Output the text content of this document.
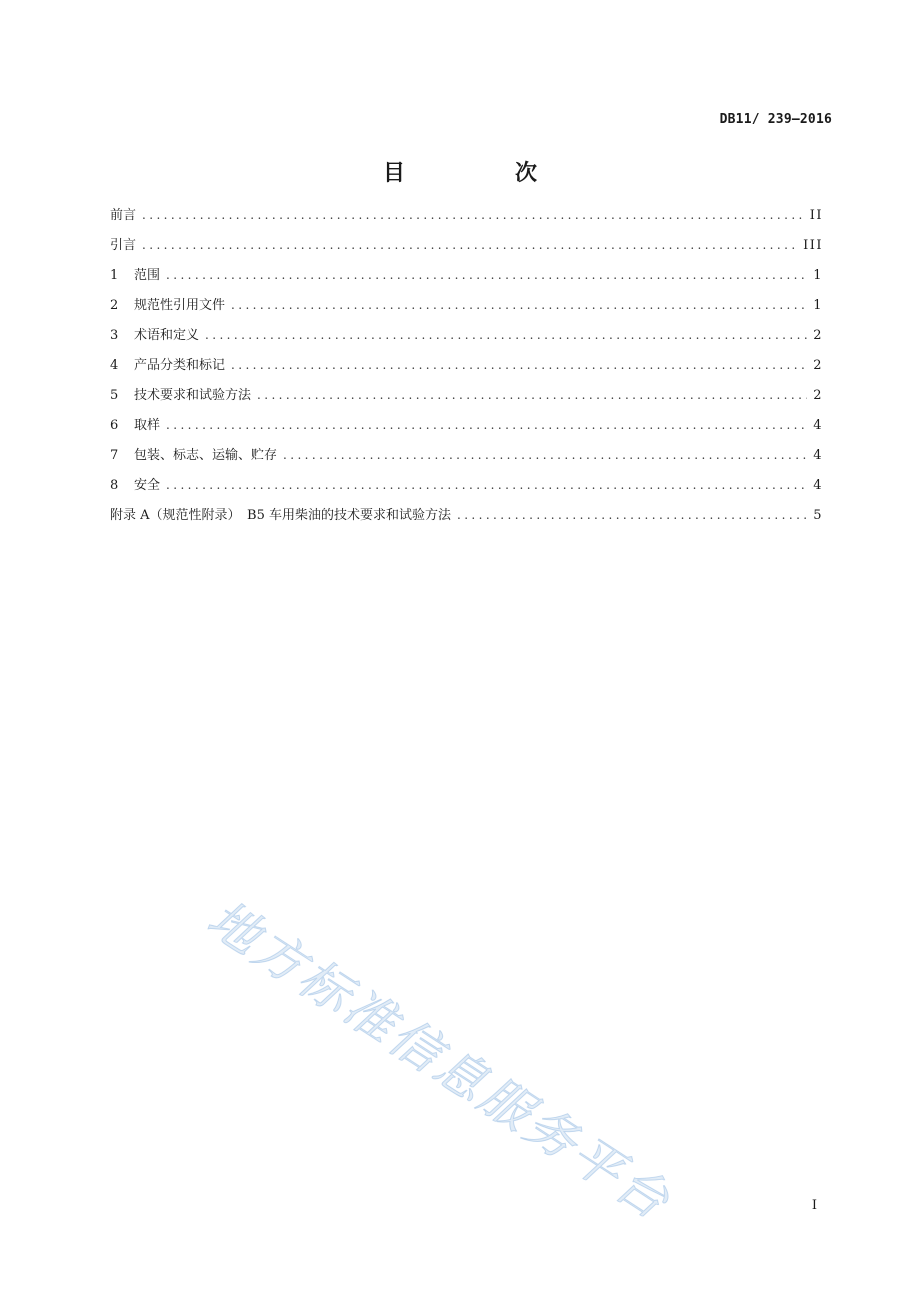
DB11/ 239—2016
目　次
前言 .....	II
引言 .....	III
1	范围 .....	1
2	规范性引用文件 .....	1
3	术语和定义 .....	2
4	产品分类和标记 .....	2
5	技术要求和试验方法 .....	2
6	取样 .....	4
7	包装、标志、运输、贮存 .....	4
8	安全 .....	4
附录 A（规范性附录）　B5 车用柴油的技术要求和试验方法 .....	5
地方标准信息服务平台	I
